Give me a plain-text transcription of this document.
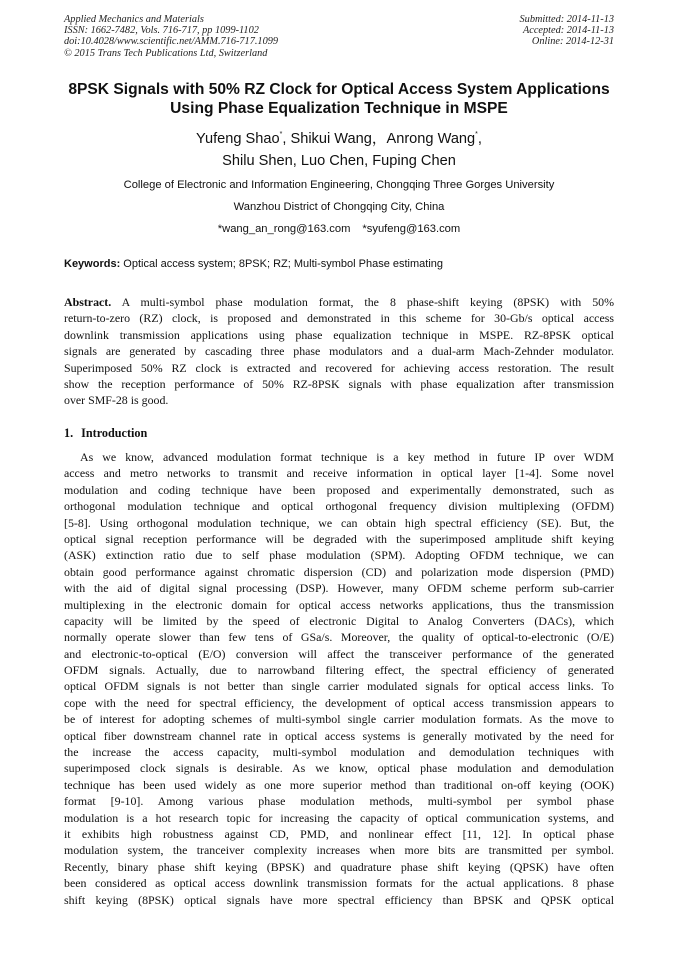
Applied Mechanics and Materials
ISSN: 1662-7482, Vols. 716-717, pp 1099-1102
doi:10.4028/www.scientific.net/AMM.716-717.1099
© 2015 Trans Tech Publications Ltd, Switzerland
Submitted: 2014-11-13
Accepted: 2014-11-13
Online: 2014-12-31
8PSK Signals with 50% RZ Clock for Optical Access System Applications
Using Phase Equalization Technique in MSPE
Yufeng Shao*, Shikui Wang，Anrong Wang*,
Shilu Shen, Luo Chen, Fuping Chen
College of Electronic and Information Engineering, Chongqing Three Gorges University
Wanzhou District of Chongqing City, China
*wang_an_rong@163.com *syufeng@163.com
Keywords: Optical access system; 8PSK; RZ; Multi-symbol Phase estimating
Abstract. A multi-symbol phase modulation format, the 8 phase-shift keying (8PSK) with 50%
return-to-zero (RZ) clock, is proposed and demonstrated in this scheme for 30-Gb/s optical access
downlink transmission applications using phase equalization technique in MSPE. RZ-8PSK optical
signals are generated by cascading three phase modulators and a dual-arm Mach-Zehnder modulator.
Superimposed 50% RZ clock is extracted and recovered for achieving access restoration. The result
show the reception performance of 50% RZ-8PSK signals with phase equalization after transmission
over SMF-28 is good.
1. Introduction
As we know, advanced modulation format technique is a key method in future IP over WDM
access and metro networks to transmit and receive information in optical layer [1-4]. Some novel
modulation and coding technique have been proposed and experimentally demonstrated, such as
orthogonal modulation technique and optical orthogonal frequency division multiplexing (OFDM)
[5-8]. Using orthogonal modulation technique, we can obtain high spectral efficiency (SE). But, the
optical signal reception performance will be degraded with the superimposed amplitude shift keying
(ASK) extinction ratio due to self phase modulation (SPM). Adopting OFDM technique, we can
obtain good performance against chromatic dispersion (CD) and polarization mode dispersion (PMD)
with the aid of digital signal processing (DSP). However, many OFDM scheme perform sub-carrier
multiplexing in the electronic domain for optical access networks applications, thus the transmission
capacity will be limited by the speed of electronic Digital to Analog Converters (DACs), which
normally operate slower than few tens of GSa/s. Moreover, the quality of optical-to-electronic (O/E)
and electronic-to-optical (E/O) conversion will affect the transceiver performance of the generated
OFDM signals. Actually, due to narrowband filtering effect, the spectral efficiency of generated
optical OFDM signals is not better than single carrier modulated signals for optical access links. To
cope with the need for spectral efficiency, the development of optical access transmission appears to
be of interest for adopting schemes of multi-symbol single carrier modulation formats. As the move to
optical fiber downstream channel rate in optical access systems is generally motivated by the need for
the increase the access capacity, multi-symbol modulation and demodulation techniques with
superimposed clock signals is desirable. As we know, optical phase modulation and demodulation
technique has been used widely as one more superior method than traditional on-off keying (OOK)
format [9-10]. Among various phase modulation methods, multi-symbol per symbol phase
modulation is a hot research topic for increasing the capacity of optical communication systems, and
it exhibits high robustness against CD, PMD, and nonlinear effect [11, 12]. In optical phase
modulation system, the tranceiver complexity increases when more bits are transmitted per symbol.
Recently, binary phase shift keying (BPSK) and quadrature phase shift keying (QPSK) have often
been considered as optical access downlink transmission formats for the actual applications. 8 phase
shift keying (8PSK) optical signals have more spectral efficiency than BPSK and QPSK optical
